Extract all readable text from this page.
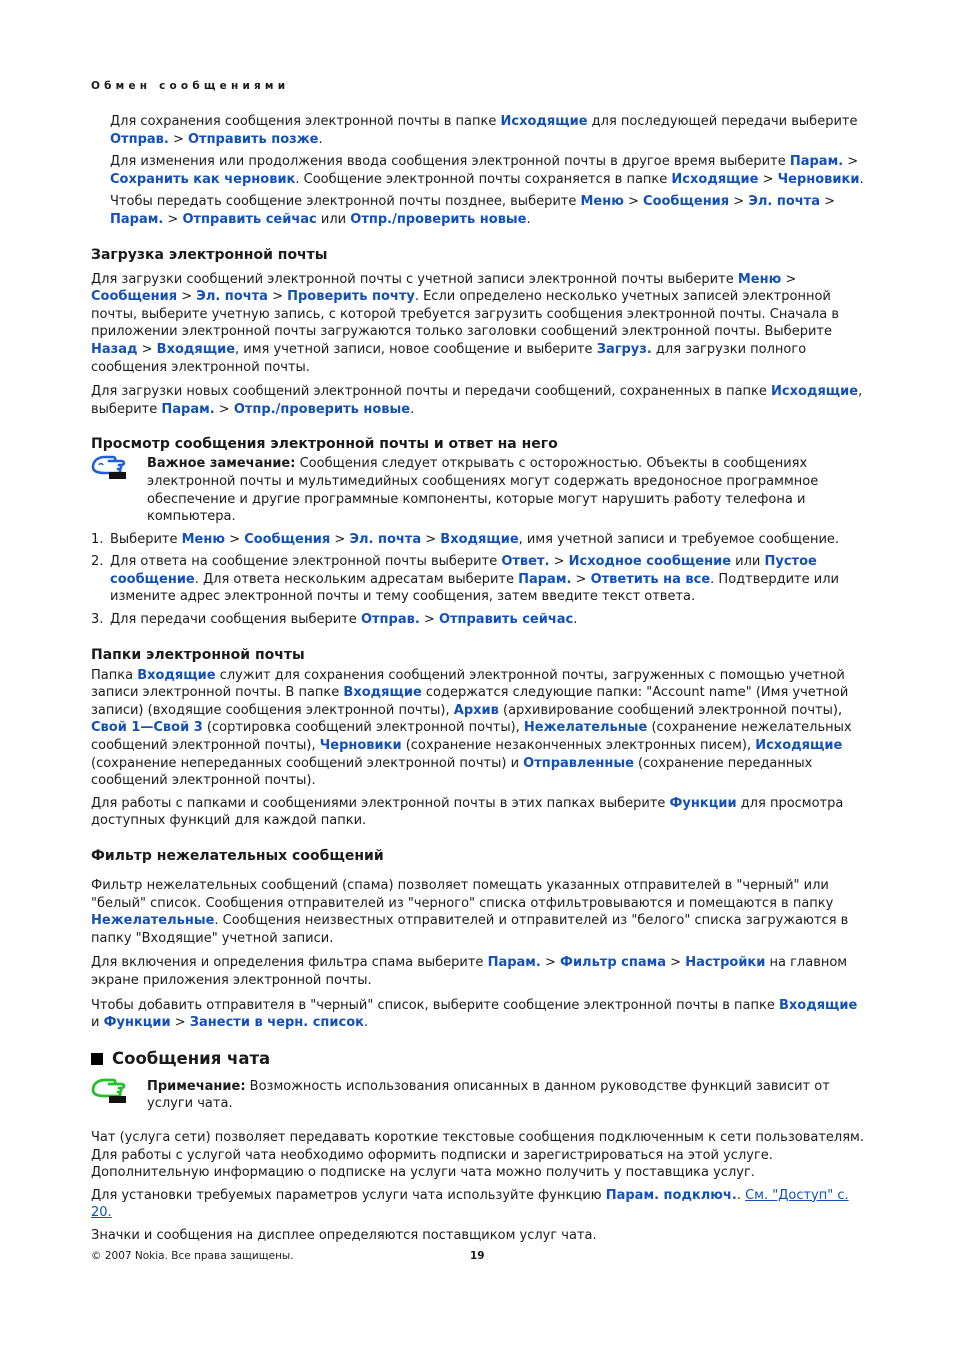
Обмен сообщениями

Для сохранения сообщения электронной почты в папке Исходящие для последующей передачи выберите Отправ. > Отправить позже.

Для изменения или продолжения ввода сообщения электронной почты в другое время выберите Парам. > Сохранить как черновик. Сообщение электронной почты сохраняется в папке Исходящие > Черновики.

Чтобы передать сообщение электронной почты позднее, выберите Меню > Сообщения > Эл. почта > Парам. > Отправить сейчас или Отпр./проверить новые.

Загрузка электронной почты

Для загрузки сообщений электронной почты с учетной записи электронной почты выберите Меню > Сообщения > Эл. почта > Проверить почту. Если определено несколько учетных записей электронной почты, выберите учетную запись, с которой требуется загрузить сообщения электронной почты. Сначала в приложении электронной почты загружаются только заголовки сообщений электронной почты. Выберите Назад > Входящие, имя учетной записи, новое сообщение и выберите Загруз. для загрузки полного сообщения электронной почты.

Для загрузки новых сообщений электронной почты и передачи сообщений, сохраненных в папке Исходящие, выберите Парам. > Отпр./проверить новые.

Просмотр сообщения электронной почты и ответ на него

Важное замечание: Сообщения следует открывать с осторожностью. Объекты в сообщениях электронной почты и мультимедийных сообщениях могут содержать вредоносное программное обеспечение и другие программные компоненты, которые могут нарушить работу телефона и компьютера.

1. Выберите Меню > Сообщения > Эл. почта > Входящие, имя учетной записи и требуемое сообщение.
2. Для ответа на сообщение электронной почты выберите Ответ. > Исходное сообщение или Пустое сообщение. Для ответа нескольким адресатам выберите Парам. > Ответить на все. Подтвердите или измените адрес электронной почты и тему сообщения, затем введите текст ответа.
3. Для передачи сообщения выберите Отправ. > Отправить сейчас.
Папки электронной почты

Папка Входящие служит для сохранения сообщений электронной почты, загруженных с помощью учетной записи электронной почты. В папке Входящие содержатся следующие папки: "Account name" (Имя учетной записи) (входящие сообщения электронной почты), Архив (архивирование сообщений электронной почты), Свой 1—Свой 3 (сортировка сообщений электронной почты), Нежелательные (сохранение нежелательных сообщений электронной почты), Черновики (сохранение незаконченных электронных писем), Исходящие (сохранение непереданных сообщений электронной почты) и Отправленные (сохранение переданных сообщений электронной почты).

Для работы с папками и сообщениями электронной почты в этих папках выберите Функции для просмотра доступных функций для каждой папки.

Фильтр нежелательных сообщений

Фильтр нежелательных сообщений (спама) позволяет помещать указанных отправителей в "черный" или "белый" список. Сообщения отправителей из "черного" списка отфильтровываются и помещаются в папку Нежелательные. Сообщения неизвестных отправителей и отправителей из "белого" списка загружаются в папку "Входящие" учетной записи.

Для включения и определения фильтра спама выберите Парам. > Фильтр спама > Настройки на главном экране приложения электронной почты.

Чтобы добавить отправителя в "черный" список, выберите сообщение электронной почты в папке Входящие и Функции > Занести в черн. список.

Сообщения чата

Примечание: Возможность использования описанных в данном руководстве функций зависит от услуги чата.

Чат (услуга сети) позволяет передавать короткие текстовые сообщения подключенным к сети пользователям. Для работы с услугой чата необходимо оформить подписки и зарегистрироваться на этой услуге. Дополнительную информацию о подписке на услуги чата можно получить у поставщика услуг.

Для установки требуемых параметров услуги чата используйте функцию Парам. подключ.. См. "Доступ" с. 20.

Значки и сообщения на дисплее определяются поставщиком услуг чата.

© 2007 Nokia. Все права защищены.	19
